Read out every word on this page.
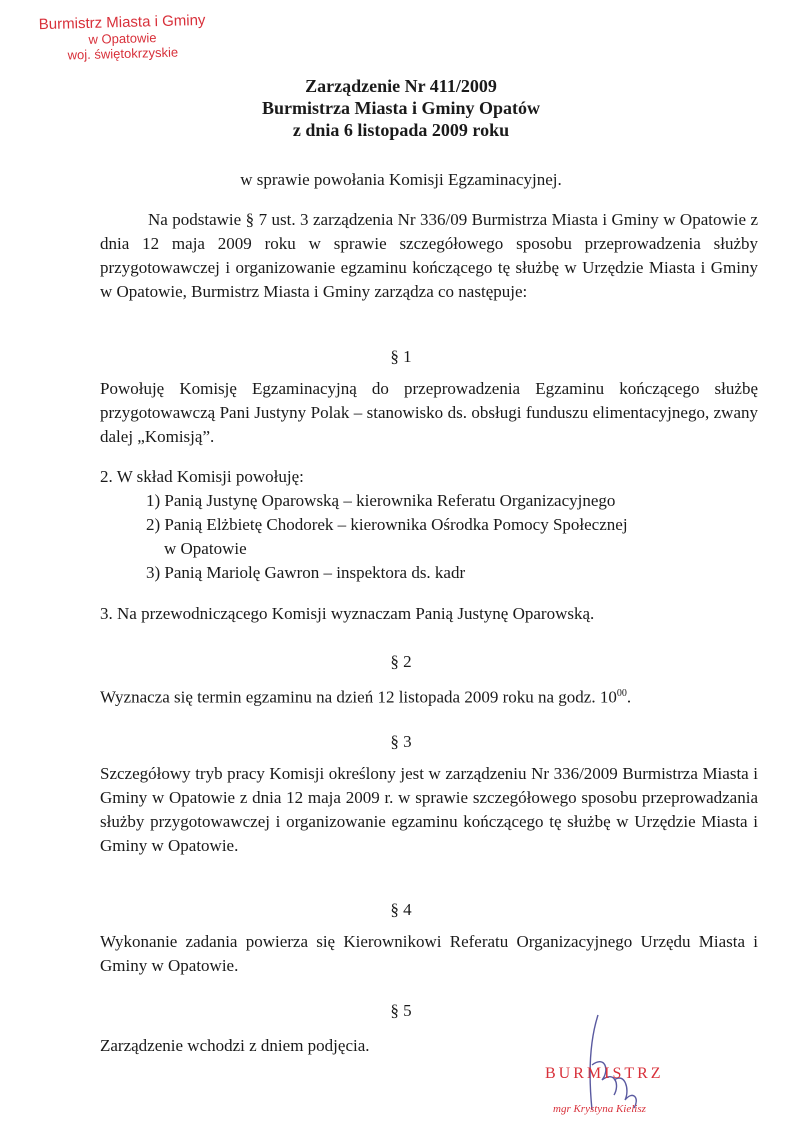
Burmistrz Miasta i Gminy
w Opatowie
woj. świętokrzyskie
Zarządzenie Nr 411/2009
Burmistrza Miasta i Gminy Opatów
z dnia 6 listopada 2009 roku

w sprawie powołania Komisji Egzaminacyjnej.

Na podstawie § 7 ust. 3 zarządzenia Nr 336/09 Burmistrza Miasta i Gminy w Opatowie z dnia 12 maja 2009 roku w sprawie szczegółowego sposobu przeprowadzenia służby przygotowawczej i organizowanie egzaminu kończącego tę służbę w Urzędzie Miasta i Gminy w Opatowie, Burmistrz Miasta i Gminy zarządza co następuje:

§ 1

Powołuję Komisję Egzaminacyjną do przeprowadzenia Egzaminu kończącego służbę przygotowawczą Pani Justyny Polak – stanowisko ds. obsługi funduszu elimentacyjnego, zwany dalej „Komisją”.

2. W skład Komisji powołuję:

1) Panią Justynę Oparowską – kierownika Referatu Organizacyjnego

2) Panią Elżbietę Chodorek – kierownika Ośrodka Pomocy Społecznej

w Opatowie

3) Panią Mariolę Gawron – inspektora ds. kadr

3. Na przewodniczącego Komisji wyznaczam Panią Justynę Oparowską.

§ 2

Wyznacza się termin egzaminu na dzień 12 listopada 2009 roku na godz. $10^{00}$.

§ 3

Szczegółowy tryb pracy Komisji określony jest w zarządzeniu Nr 336/2009 Burmistrza Miasta i Gminy w Opatowie z dnia 12 maja 2009 r. w sprawie szczegółowego sposobu przeprowadzania służby przygotowawczej i organizowanie egzaminu kończącego tę służbę w Urzędzie Miasta i Gminy w Opatowie.

§ 4

Wykonanie zadania powierza się Kierownikowi Referatu Organizacyjnego Urzędu Miasta i Gminy w Opatowie.

§ 5

Zarządzenie wchodzi z dniem podjęcia.

BURMISTRZ
mgr Krystyna Kielisz
